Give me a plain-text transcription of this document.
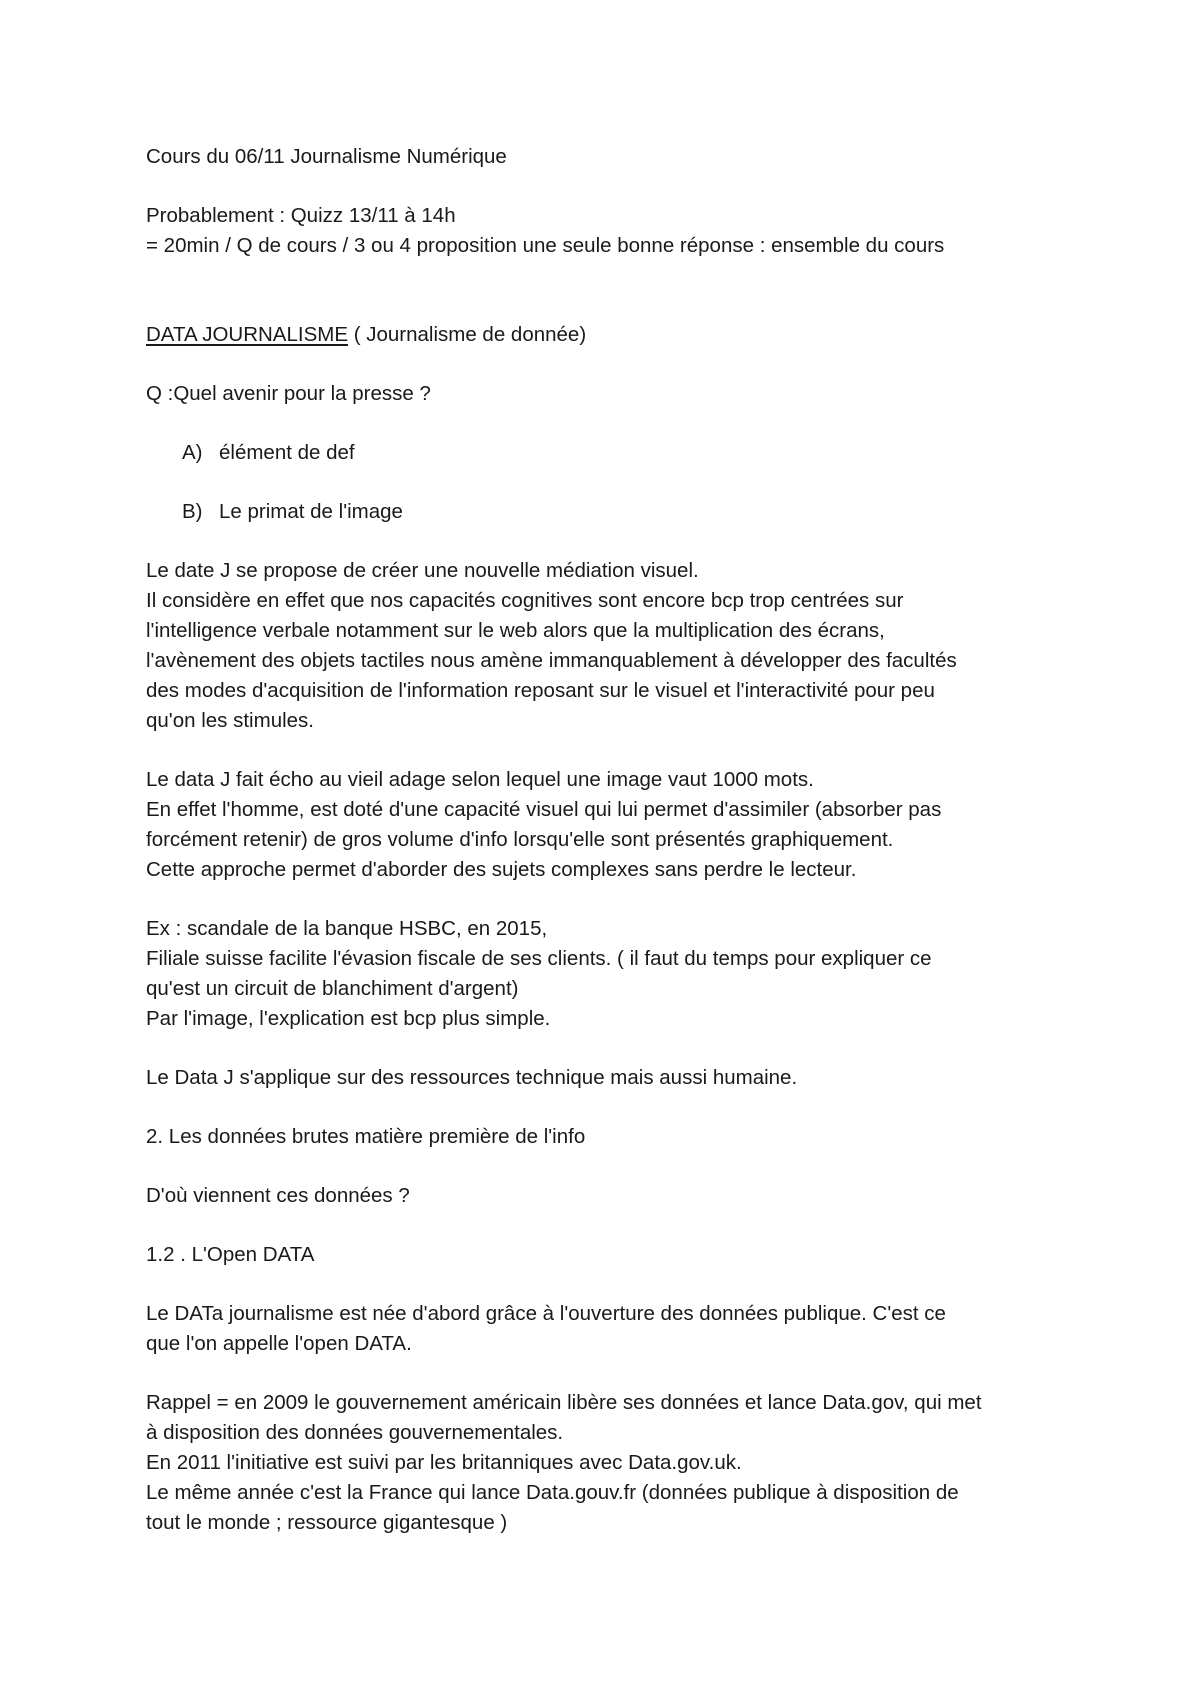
Cours du 06/11 Journalisme Numérique
Probablement : Quizz 13/11 à 14h
= 20min / Q de cours / 3 ou 4 proposition une seule bonne réponse : ensemble du cours
DATA JOURNALISME ( Journalisme de donnée)
Q :Quel avenir pour la presse ?
A) élément de def
B) Le primat de l'image
Le date J se propose de créer une nouvelle médiation visuel.
Il considère en effet que nos capacités cognitives sont encore bcp trop centrées sur
l'intelligence verbale notamment sur le web alors que la multiplication des écrans,
l'avènement des objets tactiles nous amène immanquablement à développer des facultés
des modes d'acquisition de l'information reposant sur le visuel et l'interactivité pour peu
qu'on les stimules.
Le data J fait écho au vieil adage selon lequel une image vaut 1000 mots.
En effet l'homme, est doté d'une capacité visuel qui lui permet d'assimiler (absorber pas
forcément retenir) de gros volume d'info lorsqu'elle sont présentés graphiquement.
Cette approche permet d'aborder des sujets complexes sans perdre le lecteur.
Ex : scandale de la banque HSBC, en 2015,
Filiale suisse facilite l'évasion fiscale de ses clients. ( il faut du temps pour expliquer ce
qu'est un circuit de blanchiment d'argent)
Par l'image, l'explication est bcp plus simple.
Le Data J s'applique sur des ressources technique mais aussi humaine.
2. Les données brutes matière première de l'info
D'où viennent ces données ?
1.2 . L'Open DATA
Le DATa journalisme est née d'abord grâce à l'ouverture des données publique. C'est ce
que l'on appelle l'open DATA.
Rappel = en 2009 le gouvernement américain libère ses données et lance Data.gov, qui met
à disposition des données gouvernementales.
En 2011 l'initiative est suivi par les britanniques avec Data.gov.uk.
Le même année c'est la France qui lance Data.gouv.fr (données publique à disposition de
tout le monde ; ressource gigantesque )
